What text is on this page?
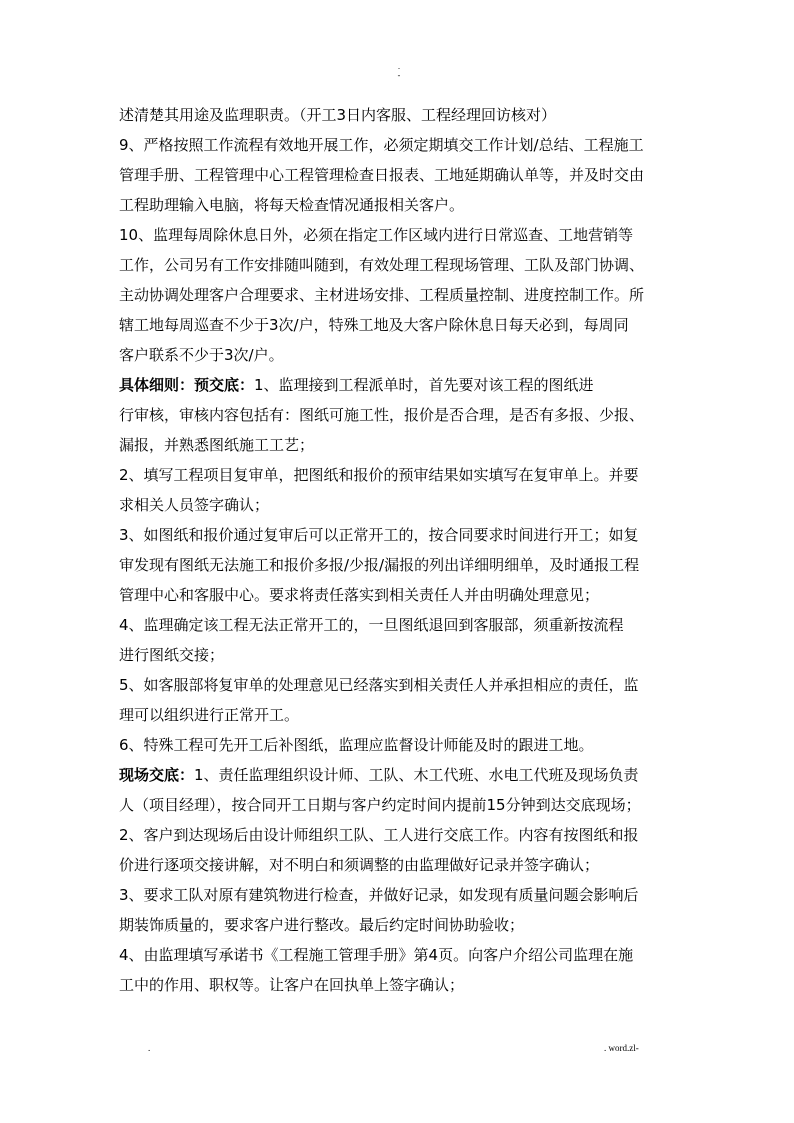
.
-
述清楚其用途及监理职责。（开工3日内客服、工程经理回访核对）
9、严格按照工作流程有效地开展工作，必须定期填交工作计划/总结、工程施工
管理手册、工程管理中心工程管理检查日报表、工地延期确认单等，并及时交由
工程助理输入电脑，将每天检查情况通报相关客户。
10、监理每周除休息日外，必须在指定工作区域内进行日常巡查、工地营销等
工作，公司另有工作安排随叫随到，有效处理工程现场管理、工队及部门协调、
主动协调处理客户合理要求、主材进场安排、工程质量控制、进度控制工作。所
辖工地每周巡查不少于3次/户，特殊工地及大客户除休息日每天必到，每周同
客户联系不少于3次/户。
具体细则：预交底：1、监理接到工程派单时，首先要对该工程的图纸进
行审核，审核内容包括有：图纸可施工性，报价是否合理，是否有多报、少报、
漏报，并熟悉图纸施工工艺；
2、填写工程项目复审单，把图纸和报价的预审结果如实填写在复审单上。并要
求相关人员签字确认；
3、如图纸和报价通过复审后可以正常开工的，按合同要求时间进行开工；如复
审发现有图纸无法施工和报价多报/少报/漏报的列出详细明细单，及时通报工程
管理中心和客服中心。要求将责任落实到相关责任人并由明确处理意见；
4、监理确定该工程无法正常开工的，一旦图纸退回到客服部，须重新按流程
进行图纸交接；
5、如客服部将复审单的处理意见已经落实到相关责任人并承担相应的责任，监
理可以组织进行正常开工。
6、特殊工程可先开工后补图纸，监理应监督设计师能及时的跟进工地。
现场交底：1、责任监理组织设计师、工队、木工代班、水电工代班及现场负责
人（项目经理），按合同开工日期与客户约定时间内提前15分钟到达交底现场；
2、客户到达现场后由设计师组织工队、工人进行交底工作。内容有按图纸和报
价进行逐项交接讲解，对不明白和须调整的由监理做好记录并签字确认；
3、要求工队对原有建筑物进行检查，并做好记录，如发现有质量问题会影响后
期装饰质量的，要求客户进行整改。最后约定时间协助验收；
4、由监理填写承诺书《工程施工管理手册》第4页。向客户介绍公司监理在施
工中的作用、职权等。让客户在回执单上签字确认；
.	. word.zl-
